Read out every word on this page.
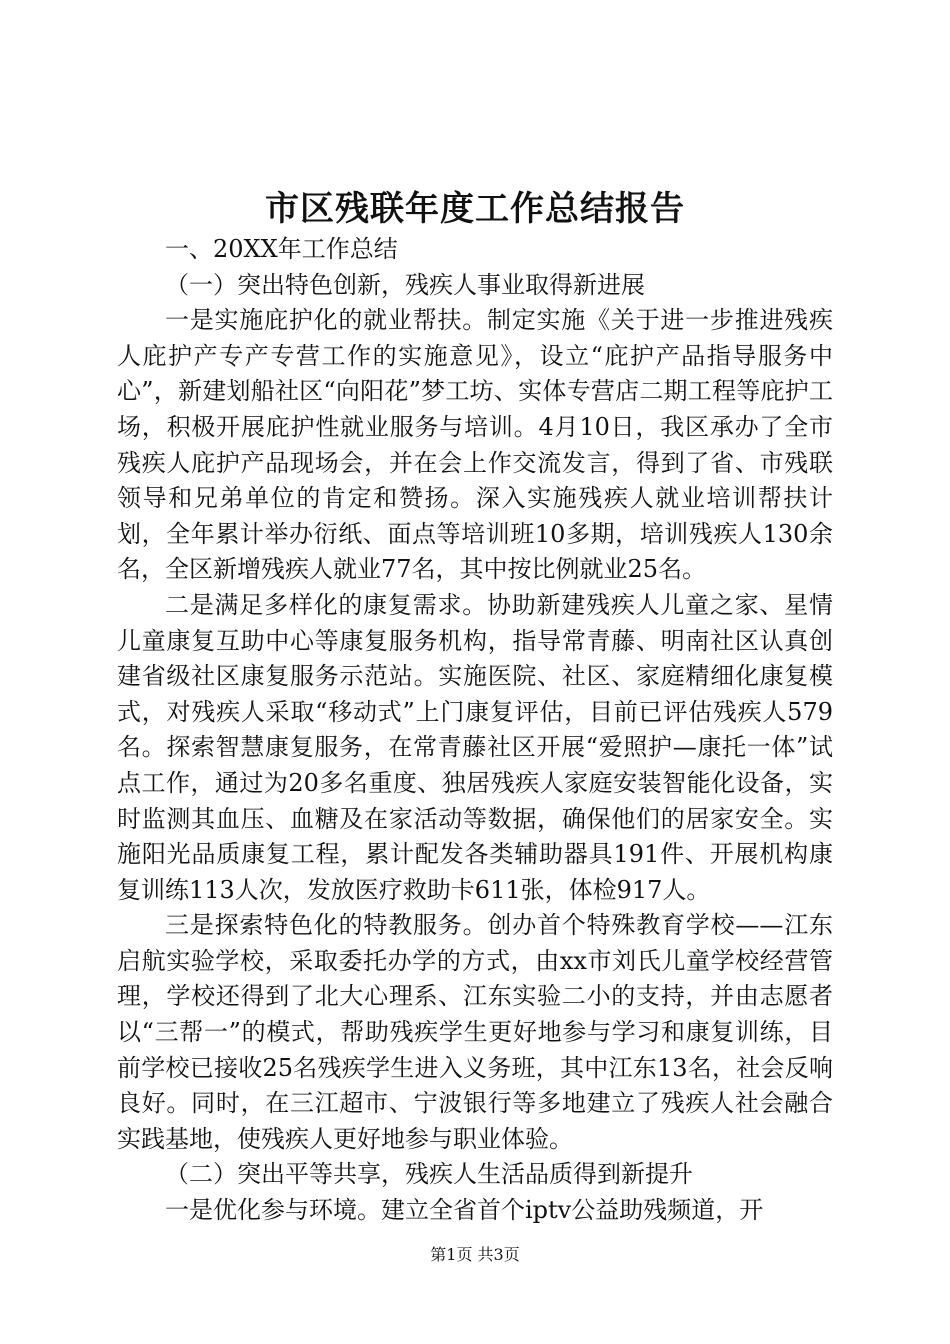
市区残联年度工作总结报告

一、20XX年工作总结

（一）突出特色创新，残疾人事业取得新进展

一是实施庇护化的就业帮扶。制定实施《关于进一步推进残疾人庇护产专产专营工作的实施意见》，设立“庇护产品指导服务中心”，新建划船社区“向阳花”梦工坊、实体专营店二期工程等庇护工场，积极开展庇护性就业服务与培训。4月10日，我区承办了全市残疾人庇护产品现场会，并在会上作交流发言，得到了省、市残联领导和兄弟单位的肯定和赞扬。深入实施残疾人就业培训帮扶计划，全年累计举办衍纸、面点等培训班10多期，培训残疾人130余名，全区新增残疾人就业77名，其中按比例就业25名。

二是满足多样化的康复需求。协助新建残疾人儿童之家、星情儿童康复互助中心等康复服务机构，指导常青藤、明南社区认真创建省级社区康复服务示范站。实施医院、社区、家庭精细化康复模式，对残疾人采取“移动式”上门康复评估，目前已评估残疾人579名。探索智慧康复服务，在常青藤社区开展“爱照护—康托一体”试点工作，通过为20多名重度、独居残疾人家庭安装智能化设备，实时监测其血压、血糖及在家活动等数据，确保他们的居家安全。实施阳光品质康复工程，累计配发各类辅助器具191件、开展机构康复训练113人次，发放医疗救助卡611张，体检917人。

三是探索特色化的特教服务。创办首个特殊教育学校——江东启航实验学校，采取委托办学的方式，由xx市刘氏儿童学校经营管理，学校还得到了北大心理系、江东实验二小的支持，并由志愿者以“三帮一”的模式，帮助残疾学生更好地参与学习和康复训练，目前学校已接收25名残疾学生进入义务班，其中江东13名，社会反响良好。同时，在三江超市、宁波银行等多地建立了残疾人社会融合实践基地，使残疾人更好地参与职业体验。

（二）突出平等共享，残疾人生活品质得到新提升

一是优化参与环境。建立全省首个iptv公益助残频道，开

第1页 共3页
